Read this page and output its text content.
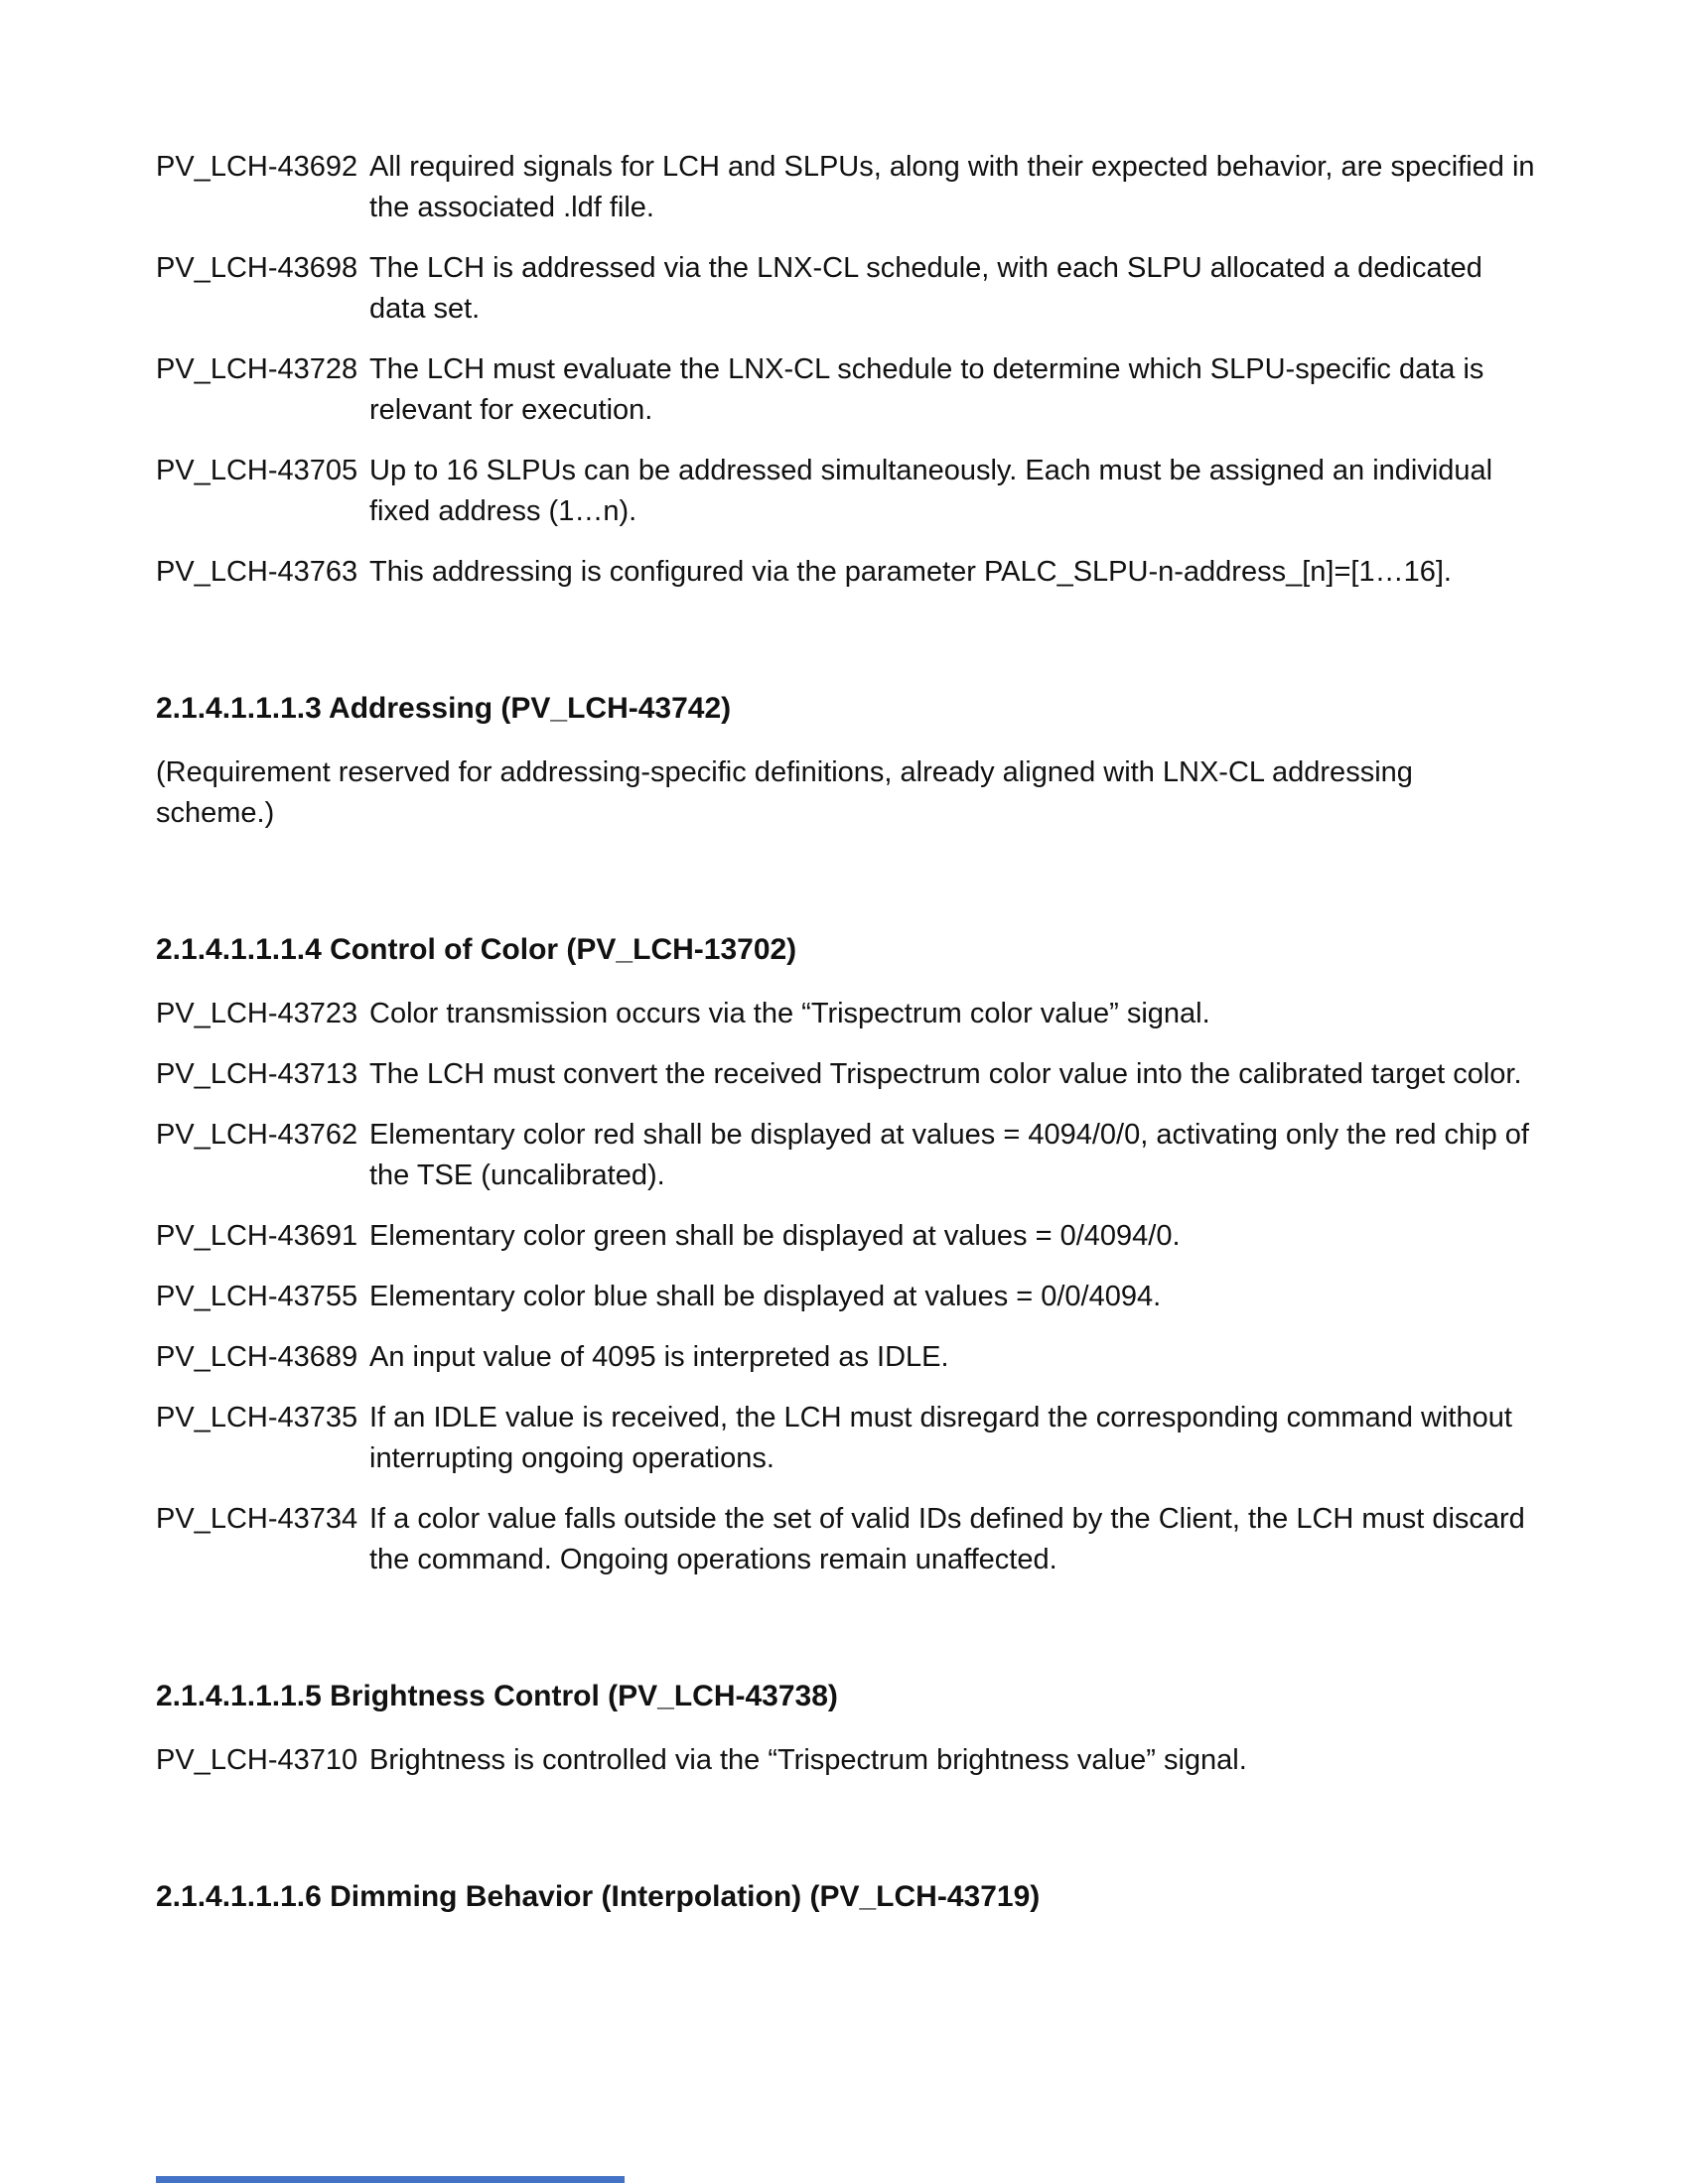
PV_LCH-43692 All required signals for LCH and SLPUs, along with their expected behavior, are specified in the associated .ldf file.
PV_LCH-43698 The LCH is addressed via the LNX-CL schedule, with each SLPU allocated a dedicated data set.
PV_LCH-43728 The LCH must evaluate the LNX-CL schedule to determine which SLPU-specific data is relevant for execution.
PV_LCH-43705 Up to 16 SLPUs can be addressed simultaneously. Each must be assigned an individual fixed address (1…n).
PV_LCH-43763 This addressing is configured via the parameter PALC_SLPU-n-address_[n]=[1…16].
2.1.4.1.1.1.3 Addressing (PV_LCH-43742)

(Requirement reserved for addressing-specific definitions, already aligned with LNX-CL addressing scheme.)

2.1.4.1.1.1.4 Control of Color (PV_LCH-13702)
PV_LCH-43723 Color transmission occurs via the “Trispectrum color value” signal.
PV_LCH-43713 The LCH must convert the received Trispectrum color value into the calibrated target color.
PV_LCH-43762 Elementary color red shall be displayed at values = 4094/0/0, activating only the red chip of the TSE (uncalibrated).
PV_LCH-43691 Elementary color green shall be displayed at values = 0/4094/0.
PV_LCH-43755 Elementary color blue shall be displayed at values = 0/0/4094.
PV_LCH-43689 An input value of 4095 is interpreted as IDLE.
PV_LCH-43735 If an IDLE value is received, the LCH must disregard the corresponding command without interrupting ongoing operations.
PV_LCH-43734 If a color value falls outside the set of valid IDs defined by the Client, the LCH must discard the command. Ongoing operations remain unaffected.
2.1.4.1.1.1.5 Brightness Control (PV_LCH-43738)
PV_LCH-43710 Brightness is controlled via the “Trispectrum brightness value” signal.
2.1.4.1.1.1.6 Dimming Behavior (Interpolation) (PV_LCH-43719)
